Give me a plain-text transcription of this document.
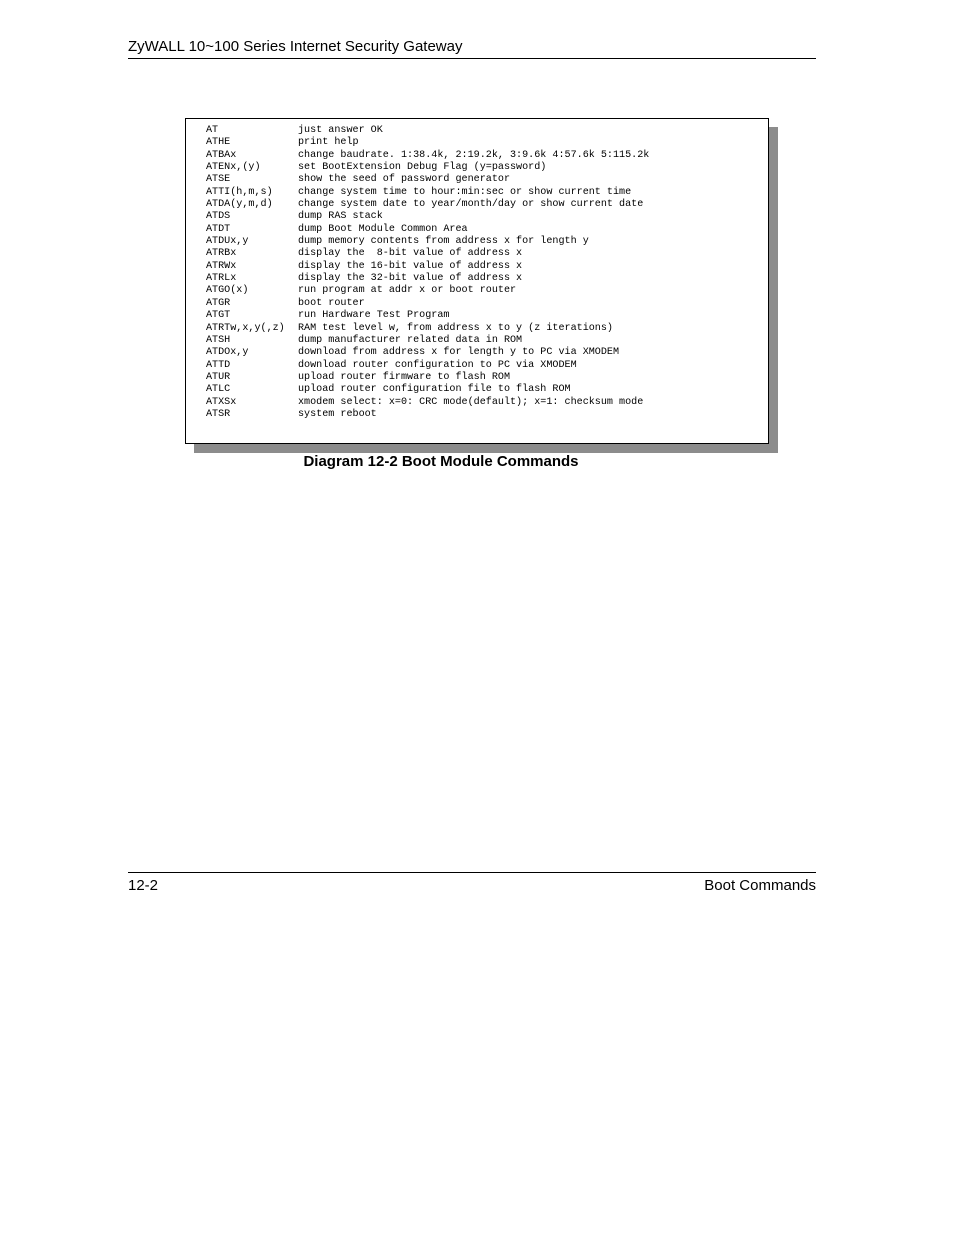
ZyWALL 10~100 Series Internet Security Gateway
AT	just answer OK
ATHE	print help
ATBAx	change baudrate. 1:38.4k, 2:19.2k, 3:9.6k 4:57.6k 5:115.2k
ATENx,(y)	set BootExtension Debug Flag (y=password)
ATSE	show the seed of password generator
ATTI(h,m,s)	change system time to hour:min:sec or show current time
ATDA(y,m,d)	change system date to year/month/day or show current date
ATDS	dump RAS stack
ATDT	dump Boot Module Common Area
ATDUx,y	dump memory contents from address x for length y
ATRBx	display the  8-bit value of address x
ATRWx	display the 16-bit value of address x
ATRLx	display the 32-bit value of address x
ATGO(x)	run program at addr x or boot router
ATGR	boot router
ATGT	run Hardware Test Program
ATRTw,x,y(,z) RAM test level w, from address x to y (z iterations)
ATSH	dump manufacturer related data in ROM
ATDOx,y	download from address x for length y to PC via XMODEM
ATTD	download router configuration to PC via XMODEM
ATUR	upload router firmware to flash ROM
ATLC	upload router configuration file to flash ROM
ATXSx	xmodem select: x=0: CRC mode(default); x=1: checksum mode
ATSR	system reboot
Diagram 12-2 Boot Module Commands
12-2	Boot Commands
